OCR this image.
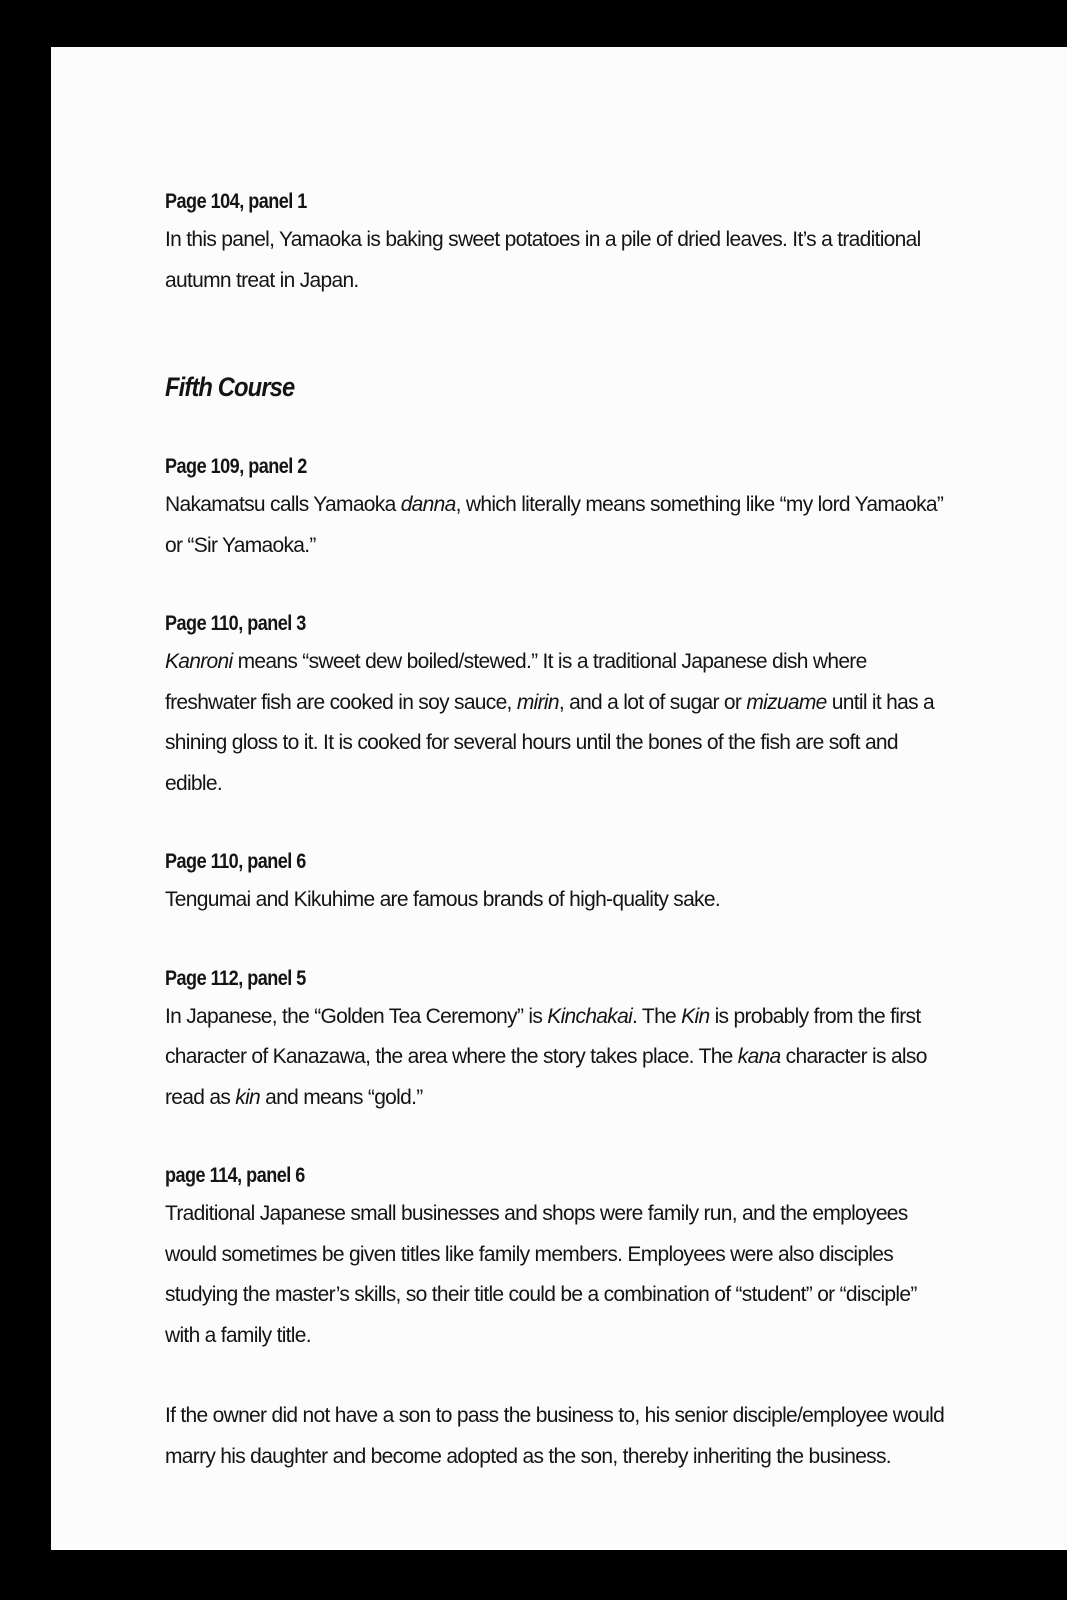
Page 104, panel 1

In this panel, Yamaoka is baking sweet potatoes in a pile of dried leaves. It’s a traditional autumn treat in Japan.

Fifth Course
Page 109, panel 2

Nakamatsu calls Yamaoka danna, which literally means something like “my lord Yamaoka” or “Sir Yamaoka.”

Page 110, panel 3

Kanroni means “sweet dew boiled/stewed.” It is a traditional Japanese dish where freshwater fish are cooked in soy sauce, mirin, and a lot of sugar or mizuame until it has a shining gloss to it. It is cooked for several hours until the bones of the fish are soft and edible.

Page 110, panel 6

Tengumai and Kikuhime are famous brands of high-quality sake.

Page 112, panel 5

In Japanese, the “Golden Tea Ceremony” is Kinchakai. The Kin is probably from the first character of Kanazawa, the area where the story takes place. The kana character is also read as kin and means “gold.”

page 114, panel 6

Traditional Japanese small businesses and shops were family run, and the employees would sometimes be given titles like family members. Employees were also disciples studying the master’s skills, so their title could be a combination of “student” or “disciple” with a family title.

If the owner did not have a son to pass the business to, his senior disciple/employee would marry his daughter and become adopted as the son, thereby inheriting the business.
